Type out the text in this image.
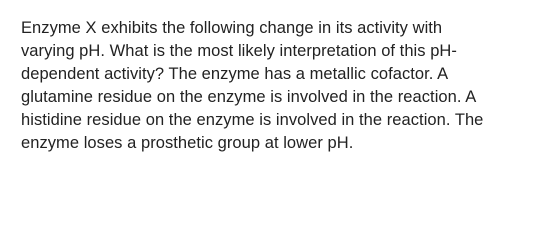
Enzyme X exhibits the following change in its activity with
varying pH. What is the most likely interpretation of this pH-
dependent activity? The enzyme has a metallic cofactor. A
glutamine residue on the enzyme is involved in the reaction. A
histidine residue on the enzyme is involved in the reaction. The
enzyme loses a prosthetic group at lower pH.
